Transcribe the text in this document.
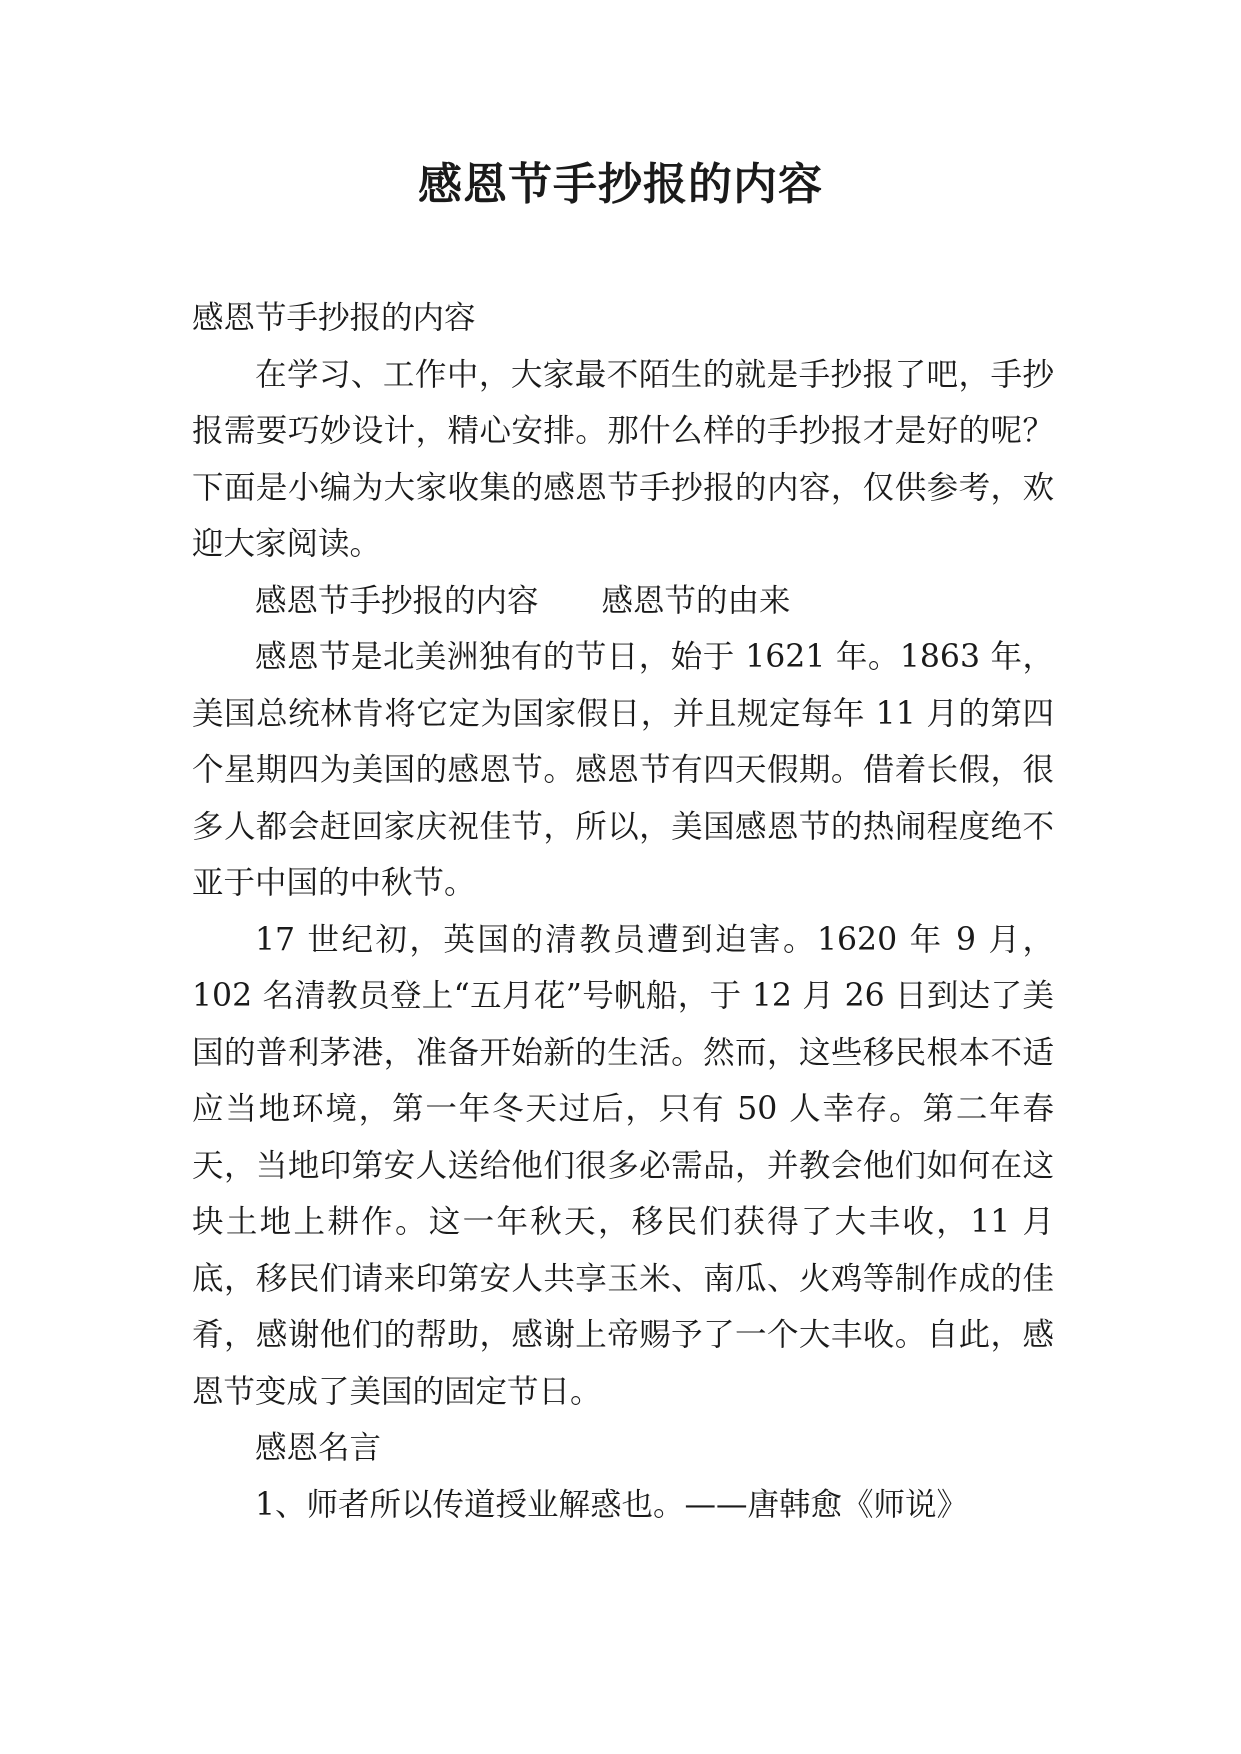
感恩节手抄报的内容

感恩节手抄报的内容

在学习、工作中，大家最不陌生的就是手抄报了吧，手抄报需要巧妙设计，精心安排。那什么样的手抄报才是好的呢？下面是小编为大家收集的感恩节手抄报的内容，仅供参考，欢迎大家阅读。

感恩节手抄报的内容　　感恩节的由来

感恩节是北美洲独有的节日，始于 1621 年。1863 年，美国总统林肯将它定为国家假日，并且规定每年 11 月的第四个星期四为美国的感恩节。感恩节有四天假期。借着长假，很多人都会赶回家庆祝佳节，所以，美国感恩节的热闹程度绝不亚于中国的中秋节。

17 世纪初，英国的清教员遭到迫害。1620 年 9 月，102 名清教员登上“五月花”号帆船，于 12 月 26 日到达了美国的普利茅港，准备开始新的生活。然而，这些移民根本不适应当地环境，第一年冬天过后，只有 50 人幸存。第二年春天，当地印第安人送给他们很多必需品，并教会他们如何在这块土地上耕作。这一年秋天，移民们获得了大丰收，11 月底，移民们请来印第安人共享玉米、南瓜、火鸡等制作成的佳肴，感谢他们的帮助，感谢上帝赐予了一个大丰收。自此，感恩节变成了美国的固定节日。

感恩名言

1、师者所以传道授业解惑也。——唐韩愈《师说》
